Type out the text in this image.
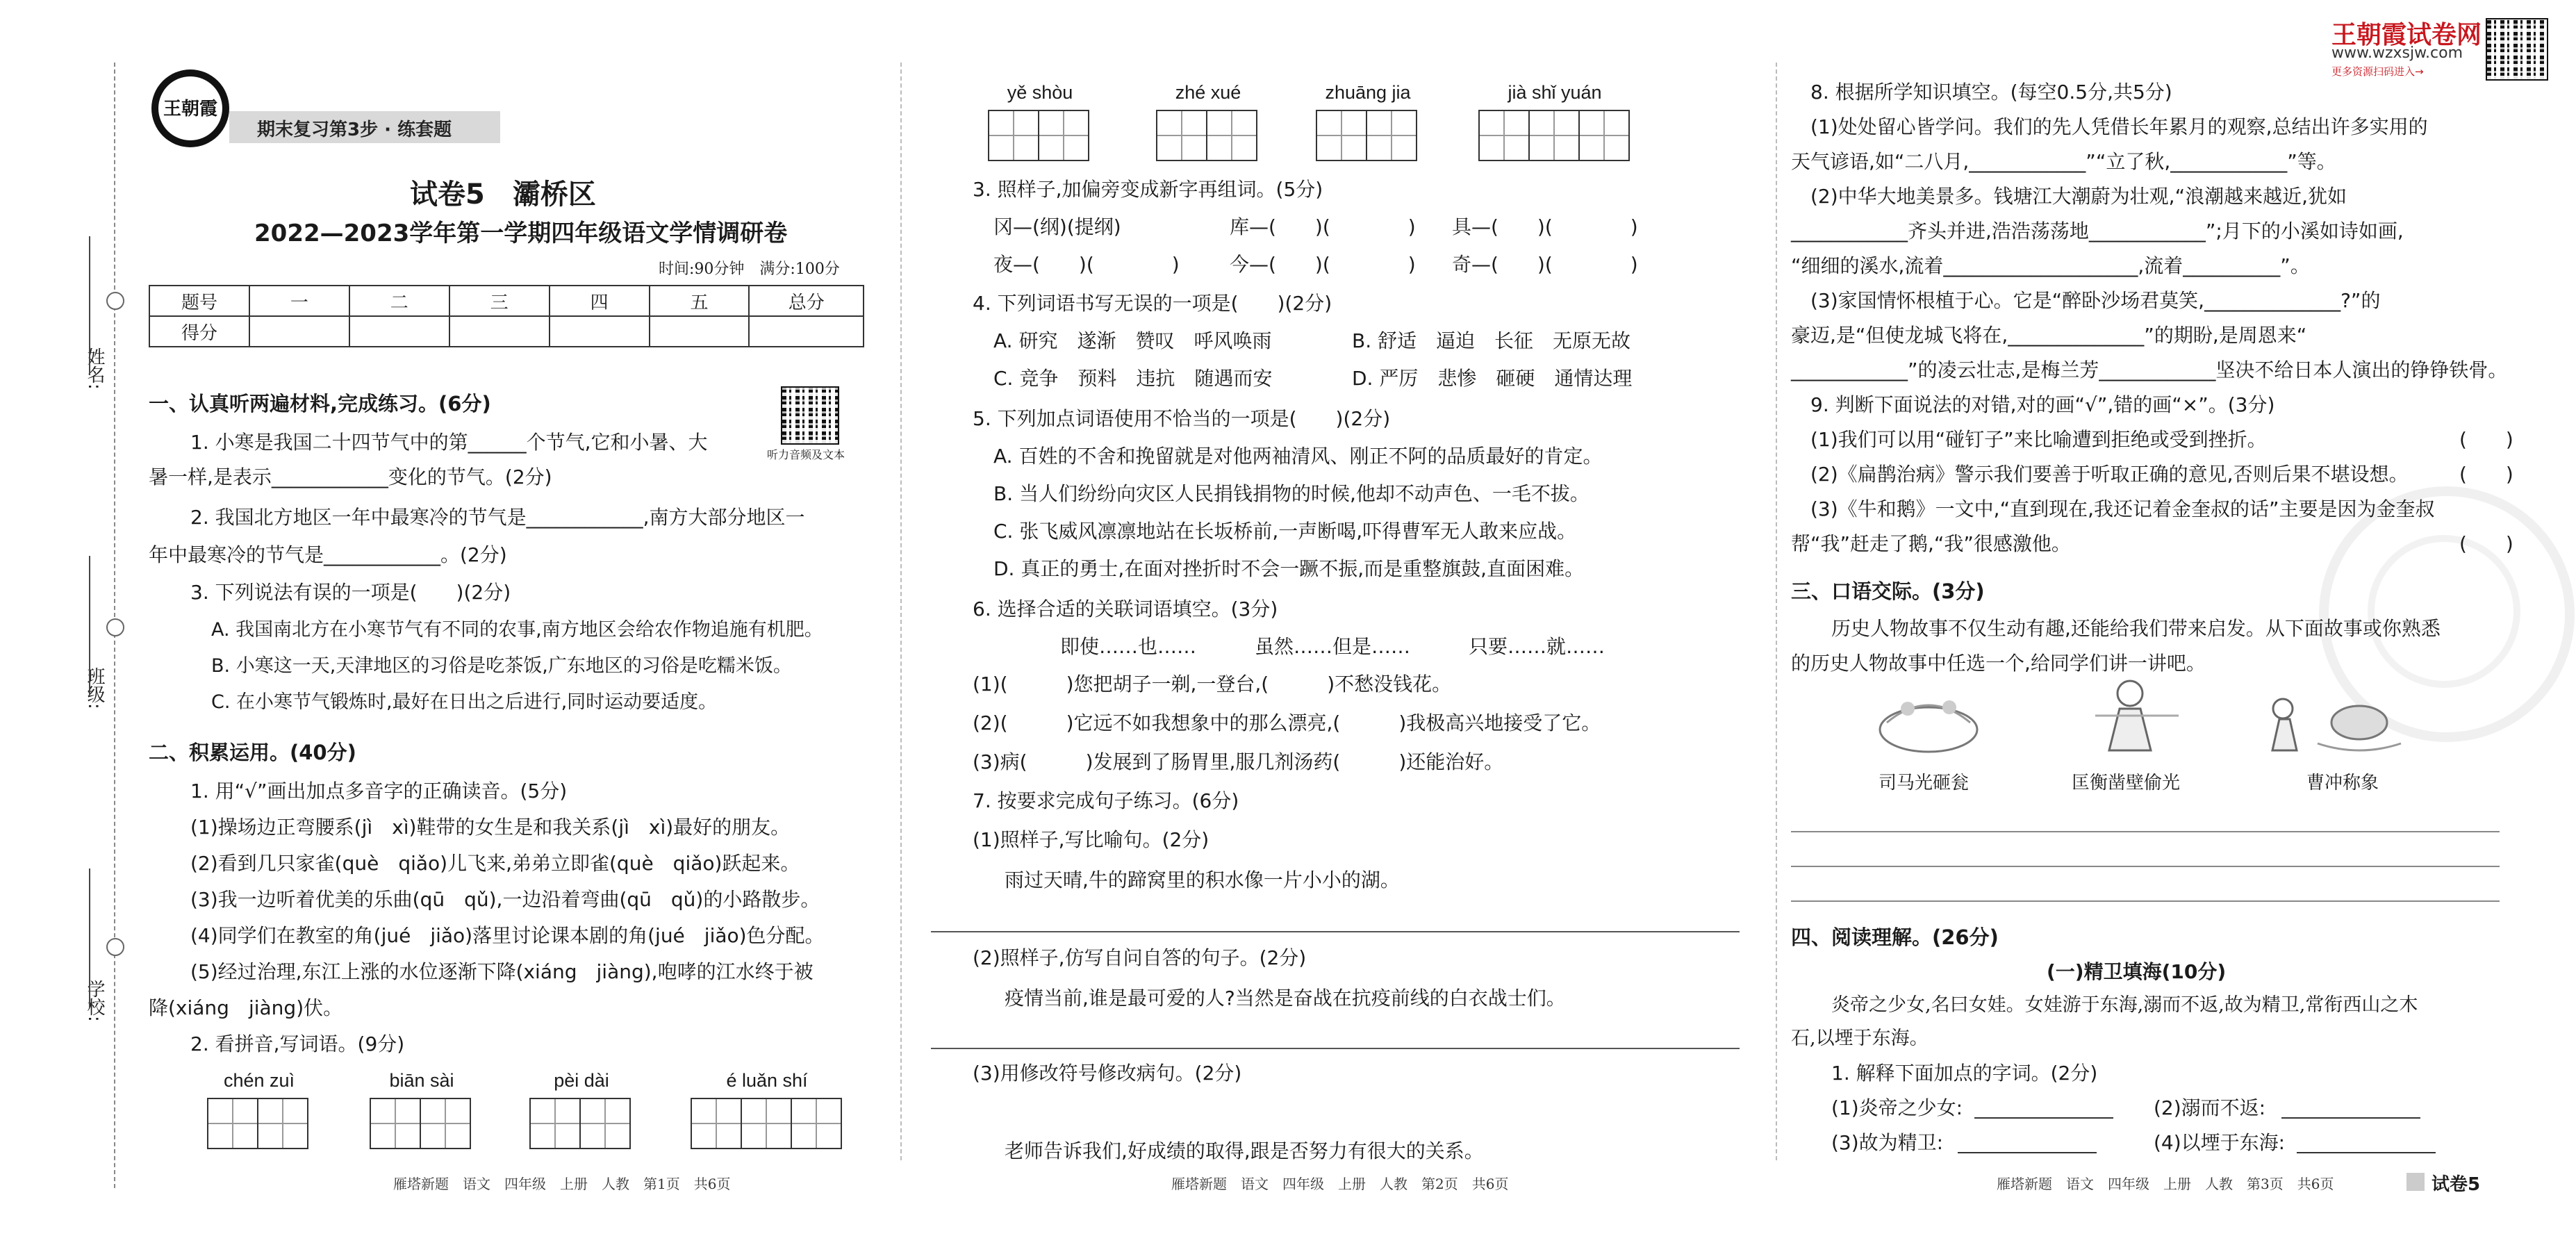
姓名:
班级:
学校:
王朝霞
期末复习第3步 · 练套题
试卷5　灞桥区
2022—2023学年第一学期四年级语文学情调研卷
时间:90分钟　满分:100分
题号	一	二	三	四	五	总分
得分						
听力音频及文本
一、认真听两遍材料,完成练习。(6分)
1. 小寒是我国二十四节气中的第______个节气,它和小暑、大
暑一样,是表示____________变化的节气。(2分)
2. 我国北方地区一年中最寒冷的节气是____________,南方大部分地区一
年中最寒冷的节气是____________。(2分)
3. 下列说法有误的一项是(　　)(2分)
A. 我国南北方在小寒节气有不同的农事,南方地区会给农作物追施有机肥。
B. 小寒这一天,天津地区的习俗是吃茶饭,广东地区的习俗是吃糯米饭。
C. 在小寒节气锻炼时,最好在日出之后进行,同时运动要适度。
二、积累运用。(40分)
1. 用“√”画出加点多音字的正确读音。(5分)
(1)操场边正弯腰系(jì　xì)鞋带的女生是和我关系(jì　xì)最好的朋友。
(2)看到几只家雀(què　qiǎo)儿飞来,弟弟立即雀(què　qiǎo)跃起来。
(3)我一边听着优美的乐曲(qū　qǔ),一边沿着弯曲(qū　qǔ)的小路散步。
(4)同学们在教室的角(jué　jiǎo)落里讨论课本剧的角(jué　jiǎo)色分配。
(5)经过治理,东江上涨的水位逐渐下降(xiáng　jiàng),咆哮的江水终于被
降(xiáng　jiàng)伏。
2. 看拼音,写词语。(9分)
chén zuì	biān sài	pèi dài	é luǎn shí
雁塔新题　语文　四年级　上册　人教　第1页　共6页
yě shòu	zhé xué	zhuāng jia	jià shǐ yuán
3. 照样子,加偏旁变成新字再组词。(5分)
冈—(纲)(提纲)	库—(　　)(　　　　) 具—(　　)(　　　　)
夜—(　　)(　　　　)	今—(　　)(　　　　) 奇—(　　)(　　　　)
4. 下列词语书写无误的一项是(　　)(2分)
A. 研究　遂渐　赞叹　呼风唤雨	B. 舒适　逼迫　长征　无原无故
C. 竞争　预料　违抗　随遇而安	D. 严厉　悲惨　砸硬　通情达理
5. 下列加点词语使用不恰当的一项是(　　)(2分)
A. 百姓的不舍和挽留就是对他两袖清风、刚正不阿的品质最好的肯定。
B. 当人们纷纷向灾区人民捐钱捐物的时候,他却不动声色、一毛不拔。
C. 张飞威风凛凛地站在长坂桥前,一声断喝,吓得曹军无人敢来应战。
D. 真正的勇士,在面对挫折时不会一蹶不振,而是重整旗鼓,直面困难。
6. 选择合适的关联词语填空。(3分)
即使……也……　　　虽然……但是……　　　只要……就……
(1)(　　　)您把胡子一剃,一登台,(　　　)不愁没钱花。
(2)(　　　)它远不如我想象中的那么漂亮,(　　　)我极高兴地接受了它。
(3)病(　　　)发展到了肠胃里,服几剂汤药(　　　)还能治好。
7. 按要求完成句子练习。(6分)
(1)照样子,写比喻句。(2分)
雨过天晴,牛的蹄窝里的积水像一片小小的湖。
(2)照样子,仿写自问自答的句子。(2分)
疫情当前,谁是最可爱的人?当然是奋战在抗疫前线的白衣战士们。
(3)用修改符号修改病句。(2分)
老师告诉我们,好成绩的取得,跟是否努力有很大的关系。
雁塔新题　语文　四年级　上册　人教　第2页　共6页
王朝霞试卷网
www.wzxsjw.com
更多资源扫码进入→
8. 根据所学知识填空。(每空0.5分,共5分)
(1)处处留心皆学问。我们的先人凭借长年累月的观察,总结出许多实用的
天气谚语,如“二八月,____________”“立了秋,____________”等。
(2)中华大地美景多。钱塘江大潮蔚为壮观,“浪潮越来越近,犹如
____________齐头并进,浩浩荡荡地____________”;月下的小溪如诗如画,
“细细的溪水,流着____________________,流着__________”。
(3)家国情怀根植于心。它是“醉卧沙场君莫笑,______________?”的
豪迈,是“但使龙城飞将在,______________”的期盼,是周恩来“
____________”的凌云壮志,是梅兰芳____________坚决不给日本人演出的铮铮铁骨。
9. 判断下面说法的对错,对的画“√”,错的画“×”。(3分)
(1)我们可以用“碰钉子”来比喻遭到拒绝或受到挫折。	(　　)
(2)《扁鹊治病》警示我们要善于听取正确的意见,否则后果不堪设想。	(　　)
(3)《牛和鹅》一文中,“直到现在,我还记着金奎叔的话”主要是因为金奎叔
帮“我”赶走了鹅,“我”很感激他。	(　　)
三、口语交际。(3分)
历史人物故事不仅生动有趣,还能给我们带来启发。从下面故事或你熟悉
的历史人物故事中任选一个,给同学们讲一讲吧。
司马光砸瓮	匡衡凿壁偷光	曹冲称象
四、阅读理解。(26分)
(一)精卫填海(10分)
炎帝之少女,名曰女娃。女娃游于东海,溺而不返,故为精卫,常衔西山之木
石,以堙于东海。
1. 解释下面加点的字词。(2分)
(1)炎帝之少女:	(2)溺而不返:
(3)故为精卫:	(4)以堙于东海:
雁塔新题　语文　四年级　上册　人教　第3页　共6页	试卷5
